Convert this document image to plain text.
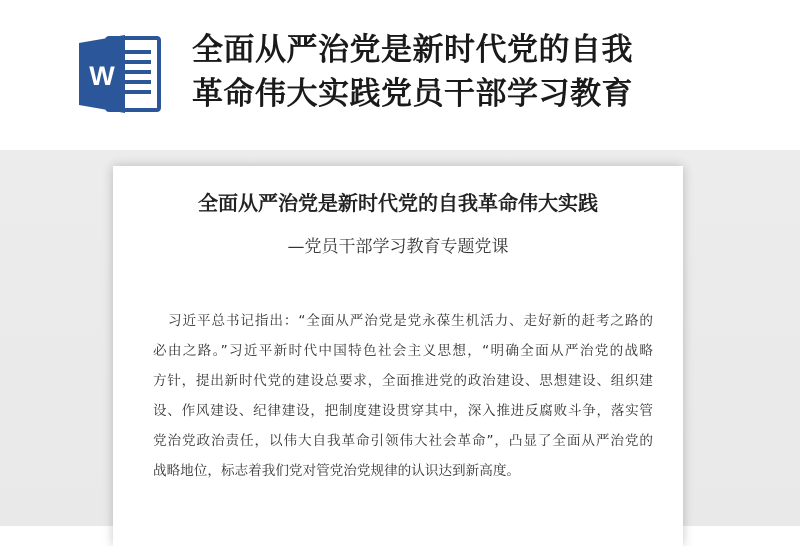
W
全面从严治党是新时代党的自我
革命伟大实践党员干部学习教育
全面从严治党是新时代党的自我革命伟大实践
—党员干部学习教育专题党课
习近平总书记指出：“全面从严治党是党永葆生机活力、走好新的赶考之路的
必由之路。”习近平新时代中国特色社会主义思想，“明确全面从严治党的战略
方针，提出新时代党的建设总要求，全面推进党的政治建设、思想建设、组织建
设、作风建设、纪律建设，把制度建设贯穿其中，深入推进反腐败斗争，落实管
党治党政治责任，以伟大自我革命引领伟大社会革命”，凸显了全面从严治党的
战略地位，标志着我们党对管党治党规律的认识达到新高度。
